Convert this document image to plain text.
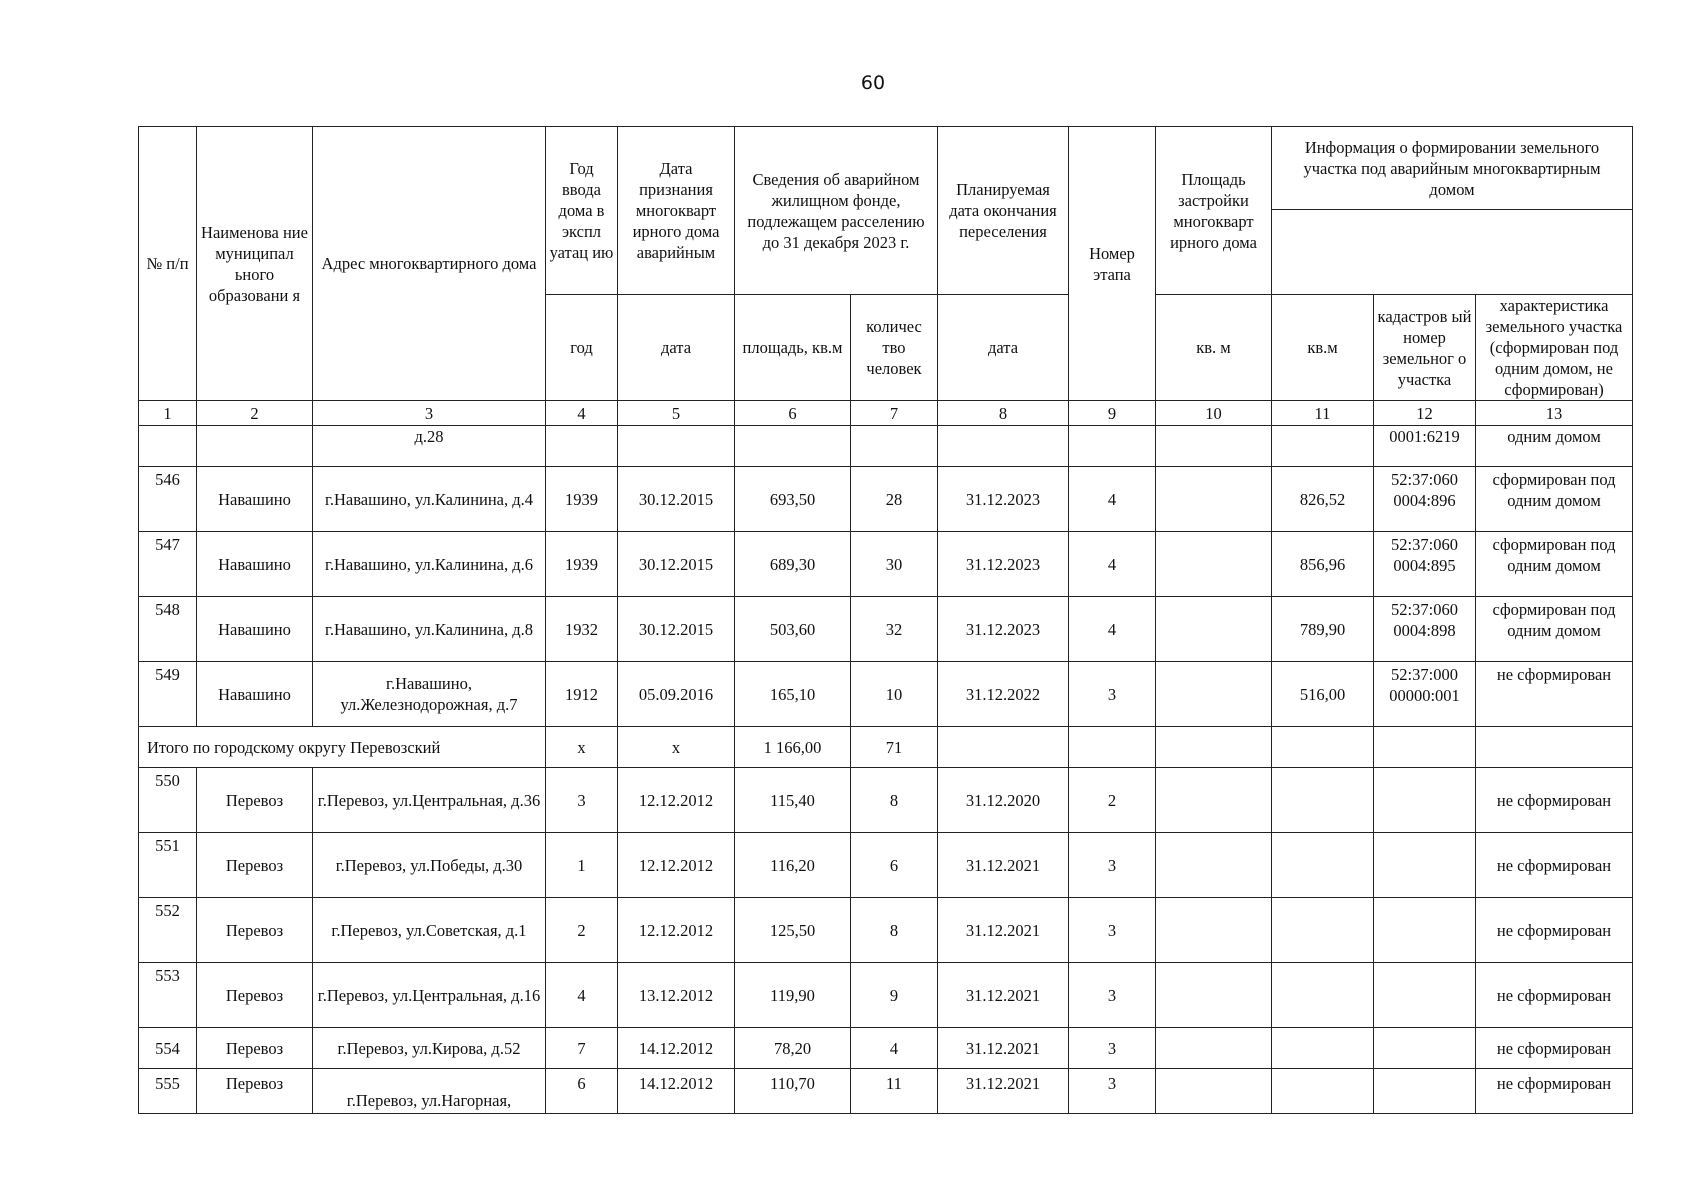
60
№ п/п	Наименова ние муниципал ьного образовани я	Адрес многоквартирного дома	Год ввода дома в экспл уатац ию	Дата признания многокварт ирного дома аварийным	Сведения об аварийном жилищном фонде, подлежащем расселению до 31 декабря 2023 г.		Планируемая дата окончания переселения	Номер этапа	Площадь застройки многокварт ирного дома	Информация о формировании земельного участка под аварийным многоквартирным домом		

			год	дата	площадь, кв.м	количес тво человек	дата		кв. м	кв.м	кадастров ый номер земельног о участка	характеристика земельного участка (сформирован под одним домом, не сформирован)
1	2	3	4	5	6	7	8	9	10	11	12	13
		д.28									0001:6219	одним домом
546	Навашино	г.Навашино, ул.Калинина, д.4	1939	30.12.2015	693,50	28	31.12.2023	4		826,52	52:37:060 0004:896	сформирован под одним домом
547	Навашино	г.Навашино, ул.Калинина, д.6	1939	30.12.2015	689,30	30	31.12.2023	4		856,96	52:37:060 0004:895	сформирован под одним домом
548	Навашино	г.Навашино, ул.Калинина, д.8	1932	30.12.2015	503,60	32	31.12.2023	4		789,90	52:37:060 0004:898	сформирован под одним домом
549	Навашино	г.Навашино, ул.Железнодорожная, д.7	1912	05.09.2016	165,10	10	31.12.2022	3		516,00	52:37:000 00000:001	не сформирован
Итого по городскому округу Перевозский			x	x	1 166,00	71						
550	Перевоз	г.Перевоз, ул.Центральная, д.36	3	12.12.2012	115,40	8	31.12.2020	2				не сформирован
551	Перевоз	г.Перевоз, ул.Победы, д.30	1	12.12.2012	116,20	6	31.12.2021	3				не сформирован
552	Перевоз	г.Перевоз, ул.Советская, д.1	2	12.12.2012	125,50	8	31.12.2021	3				не сформирован
553	Перевоз	г.Перевоз, ул.Центральная, д.16	4	13.12.2012	119,90	9	31.12.2021	3				не сформирован
554	Перевоз	г.Перевоз, ул.Кирова, д.52	7	14.12.2012	78,20	4	31.12.2021	3				не сформирован
555	Перевоз	г.Перевоз, ул.Нагорная,	6	14.12.2012	110,70	11	31.12.2021	3				не сформирован
